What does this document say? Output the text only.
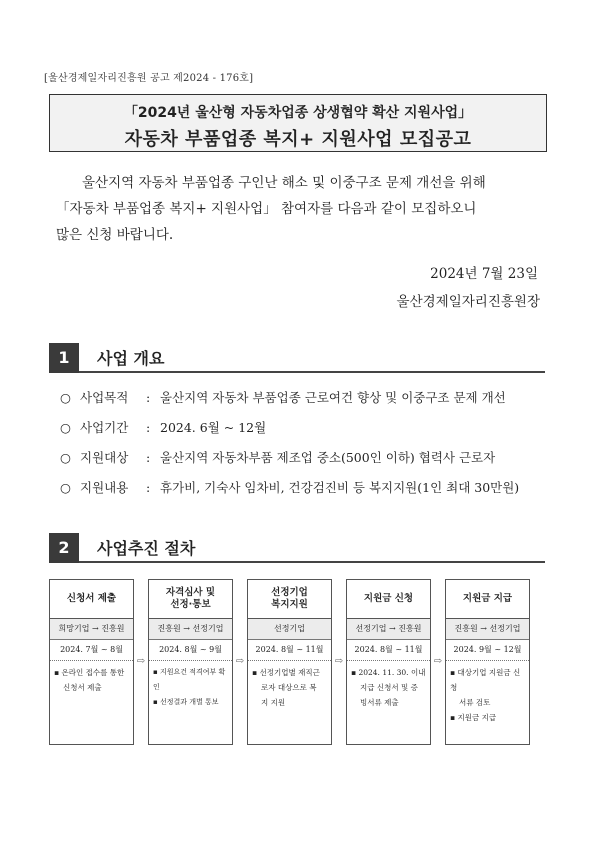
[울산경제일자리진흥원 공고 제2024 - 176호]
「2024년 울산형 자동차업종 상생협약 확산 지원사업」
자동차 부품업종 복지+ 지원사업 모집공고
울산지역 자동차 부품업종 구인난 해소 및 이중구조 문제 개선을 위해
「자동차 부품업종 복지+ 지원사업」 참여자를 다음과 같이 모집하오니
많은 신청 바랍니다.
2024년 7월 23일
울산경제일자리진흥원장
1	사업 개요
○ 사업목적 : 울산지역 자동차 부품업종 근로여건 향상 및 이중구조 문제 개선
○ 사업기간 : 2024. 6월 ~ 12월
○ 지원대상 : 울산지역 자동차부품 제조업 중소(500인 이하) 협력사 근로자
○ 지원내용 : 휴가비, 기숙사 임차비, 건강검진비 등 복지지원(1인 최대 30만원)
2	사업추진 절차
신청서 제출
희망기업 → 진흥원
2024. 7월 ~ 8월
▪ 온라인 접수를 통한
신청서 제출
⇨
자격심사 및
선정·통보
진흥원 → 선정기업
2024. 8월 ~ 9월
▪ 지원요건 적격여부 확인
▪ 선정결과 개별 통보
⇨
선정기업
복지지원
선정기업
2024. 8월 ~ 11월
▪ 선정기업별 재직근
로자 대상으로 복
지 지원
⇨
지원금 신청
선정기업 → 진흥원
2024. 8월 ~ 11월
▪ 2024. 11. 30. 이내
지급 신청서 및 증
빙서류 제출
⇨
지원금 지급
진흥원 → 선정기업
2024. 9월 ~ 12월
▪ 대상기업 지원금 신청
서류 검토
▪ 지원금 지급
